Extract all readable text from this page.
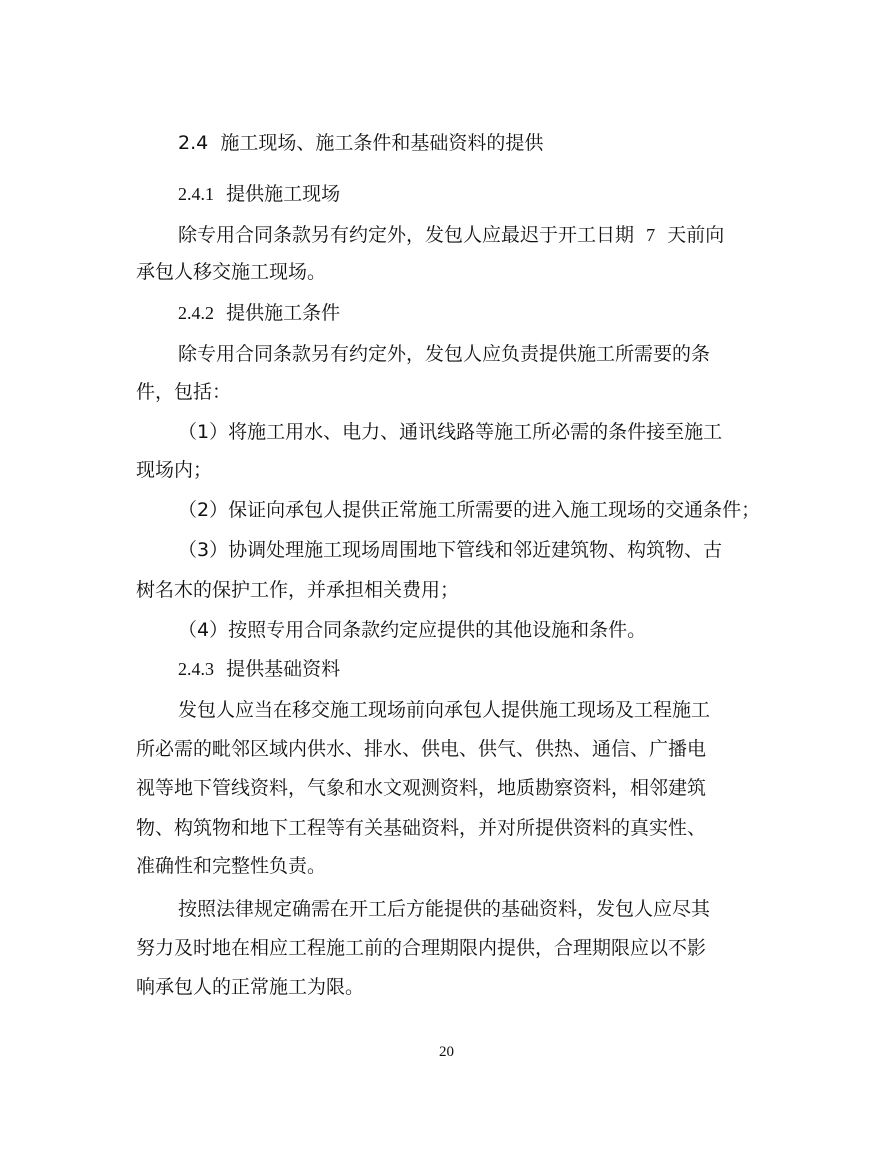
2.4 施工现场、施工条件和基础资料的提供

2.4.1 提供施工现场

除专用合同条款另有约定外，发包人应最迟于开工日期 7 天前向

承包人移交施工现场。

2.4.2 提供施工条件

除专用合同条款另有约定外，发包人应负责提供施工所需要的条

件，包括：

（1）将施工用水、电力、通讯线路等施工所必需的条件接至施工

现场内；

（2）保证向承包人提供正常施工所需要的进入施工现场的交通条件；

（3）协调处理施工现场周围地下管线和邻近建筑物、构筑物、古

树名木的保护工作，并承担相关费用；

（4）按照专用合同条款约定应提供的其他设施和条件。

2.4.3 提供基础资料

发包人应当在移交施工现场前向承包人提供施工现场及工程施工

所必需的毗邻区域内供水、排水、供电、供气、供热、通信、广播电

视等地下管线资料，气象和水文观测资料，地质勘察资料，相邻建筑

物、构筑物和地下工程等有关基础资料，并对所提供资料的真实性、

准确性和完整性负责。

按照法律规定确需在开工后方能提供的基础资料，发包人应尽其

努力及时地在相应工程施工前的合理期限内提供，合理期限应以不影

响承包人的正常施工为限。

20
